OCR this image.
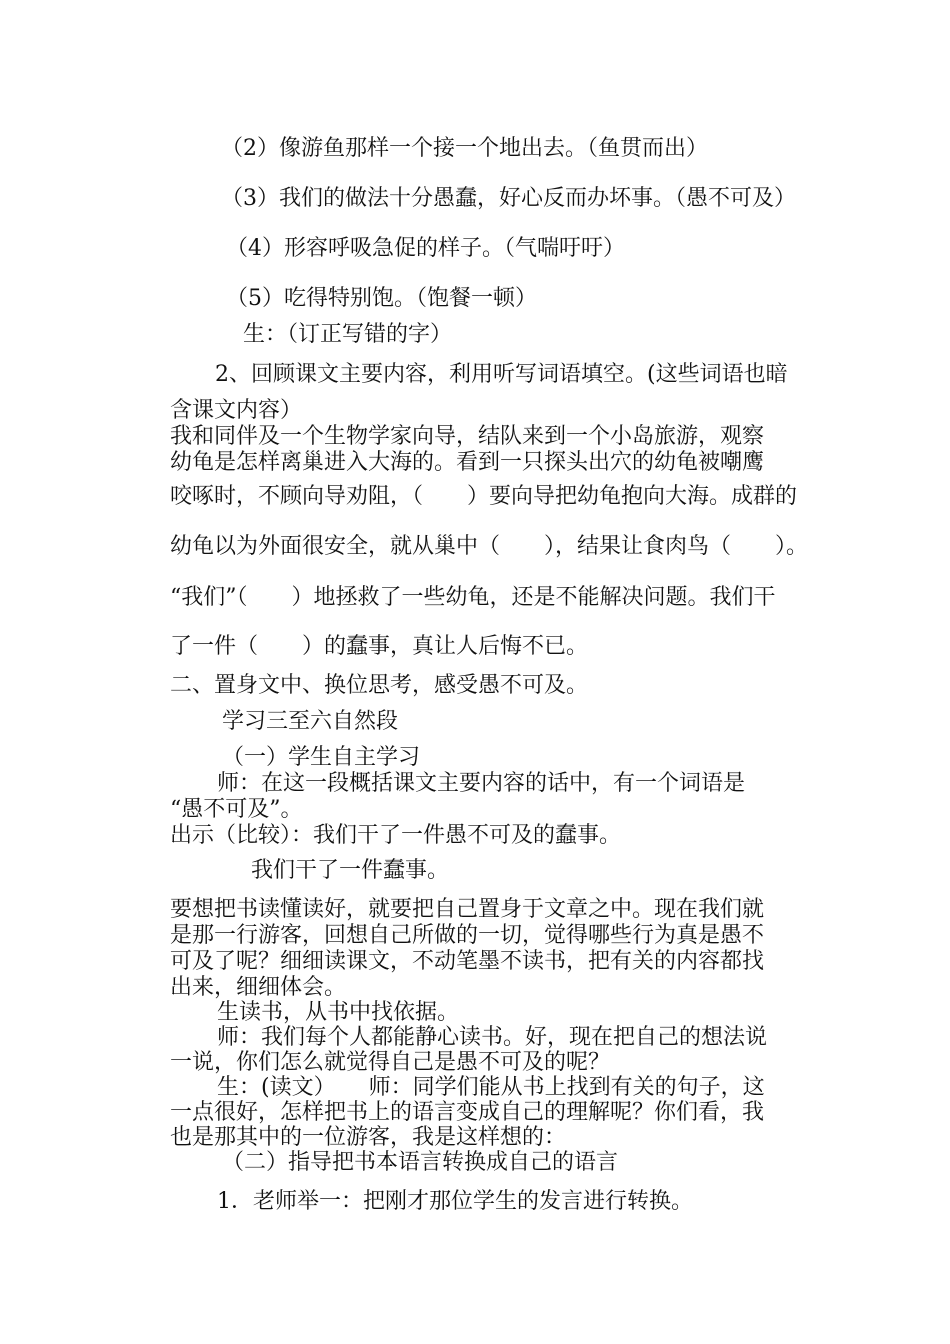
（2）像游鱼那样一个接一个地出去。（鱼贯而出）
（3）我们的做法十分愚蠢，好心反而办坏事。（愚不可及）
（4）形容呼吸急促的样子。（气喘吁吁）
（5）吃得特别饱。（饱餐一顿）
生：（订正写错的字）
2、回顾课文主要内容，利用听写词语填空。(这些词语也暗
含课文内容）
我和同伴及一个生物学家向导，结队来到一个小岛旅游，观察
幼龟是怎样离巢进入大海的。看到一只探头出穴的幼龟被嘲鹰
咬啄时，不顾向导劝阻，（　　）要向导把幼龟抱向大海。成群的
幼龟以为外面很安全，就从巢中（　　），结果让食肉鸟（　　）。
“我们”（　　）地拯救了一些幼龟，还是不能解决问题。我们干
了一件（　　）的蠢事，真让人后悔不已。
二、置身文中、换位思考，感受愚不可及。
学习三至六自然段
（一）学生自主学习
师：在这一段概括课文主要内容的话中，有一个词语是
“愚不可及”。
出示（比较）：我们干了一件愚不可及的蠢事。
我们干了一件蠢事。
要想把书读懂读好，就要把自己置身于文章之中。现在我们就
是那一行游客，回想自己所做的一切，觉得哪些行为真是愚不
可及了呢？细细读课文，不动笔墨不读书，把有关的内容都找
出来，细细体会。
生读书，从书中找依据。
师：我们每个人都能静心读书。好，现在把自己的想法说
一说，你们怎么就觉得自己是愚不可及的呢？
生：(读文）　　师：同学们能从书上找到有关的句子，这
一点很好，怎样把书上的语言变成自己的理解呢？你们看，我
也是那其中的一位游客，我是这样想的：
（二）指导把书本语言转换成自己的语言
1．老师举一：把刚才那位学生的发言进行转换。
